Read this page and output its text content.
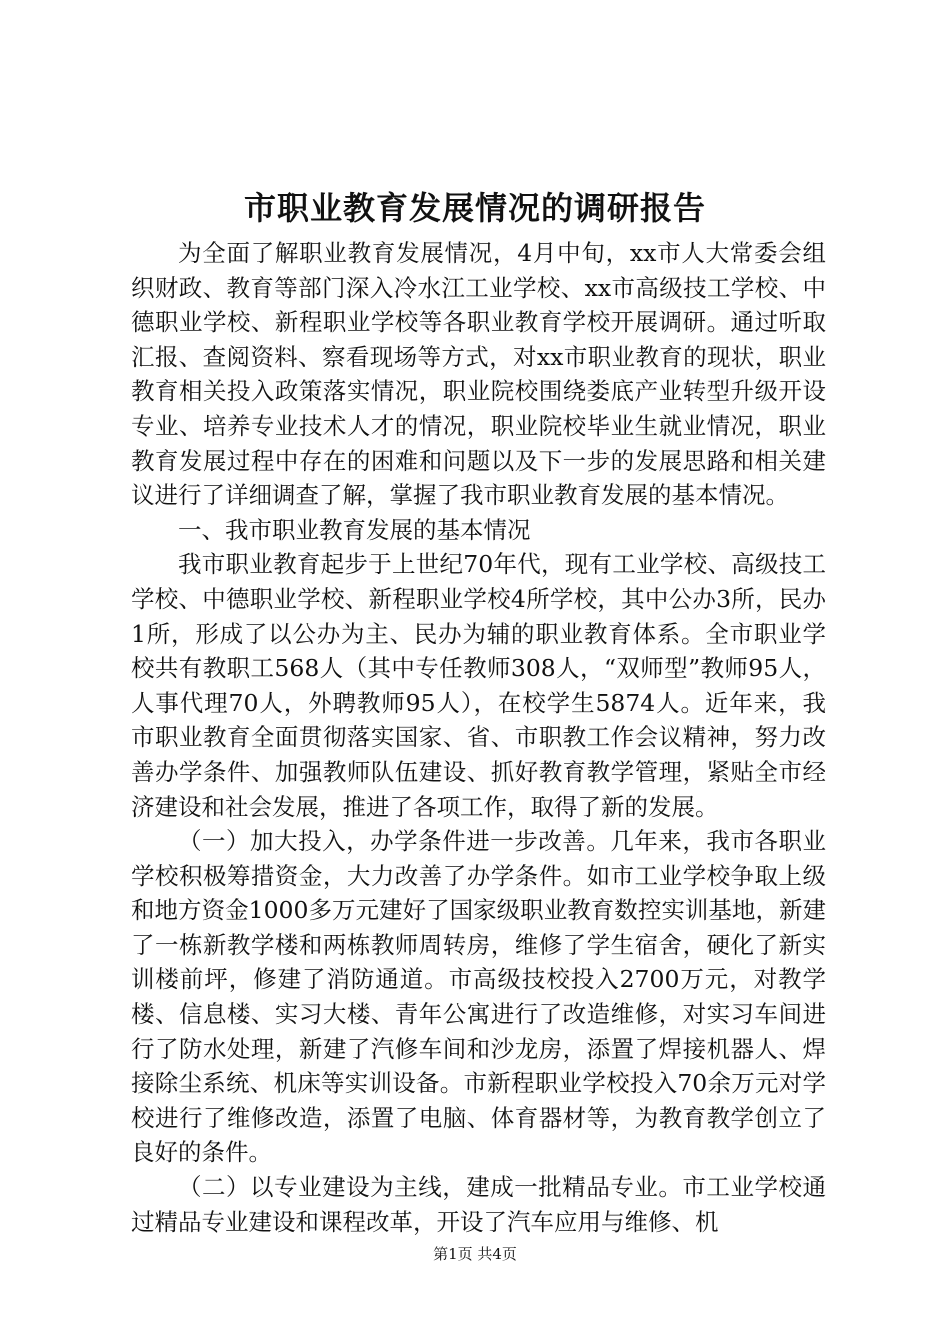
市职业教育发展情况的调研报告

为全面了解职业教育发展情况，4月中旬，xx市人大常委会组织财政、教育等部门深入冷水江工业学校、xx市高级技工学校、中德职业学校、新程职业学校等各职业教育学校开展调研。通过听取汇报、查阅资料、察看现场等方式，对xx市职业教育的现状，职业教育相关投入政策落实情况，职业院校围绕娄底产业转型升级开设专业、培养专业技术人才的情况，职业院校毕业生就业情况，职业教育发展过程中存在的困难和问题以及下一步的发展思路和相关建议进行了详细调查了解，掌握了我市职业教育发展的基本情况。

一、我市职业教育发展的基本情况

我市职业教育起步于上世纪70年代，现有工业学校、高级技工学校、中德职业学校、新程职业学校4所学校，其中公办3所，民办1所，形成了以公办为主、民办为辅的职业教育体系。全市职业学校共有教职工568人（其中专任教师308人，“双师型”教师95人，人事代理70人，外聘教师95人），在校学生5874人。近年来，我市职业教育全面贯彻落实国家、省、市职教工作会议精神，努力改善办学条件、加强教师队伍建设、抓好教育教学管理，紧贴全市经济建设和社会发展，推进了各项工作，取得了新的发展。

（一）加大投入，办学条件进一步改善。几年来，我市各职业学校积极筹措资金，大力改善了办学条件。如市工业学校争取上级和地方资金1000多万元建好了国家级职业教育数控实训基地，新建了一栋新教学楼和两栋教师周转房，维修了学生宿舍，硬化了新实训楼前坪，修建了消防通道。市高级技校投入2700万元，对教学楼、信息楼、实习大楼、青年公寓进行了改造维修，对实习车间进行了防水处理，新建了汽修车间和沙龙房，添置了焊接机器人、焊接除尘系统、机床等实训设备。市新程职业学校投入70余万元对学校进行了维修改造，添置了电脑、体育器材等，为教育教学创立了良好的条件。

（二）以专业建设为主线，建成一批精品专业。市工业学校通过精品专业建设和课程改革，开设了汽车应用与维修、机

第1页 共4页
